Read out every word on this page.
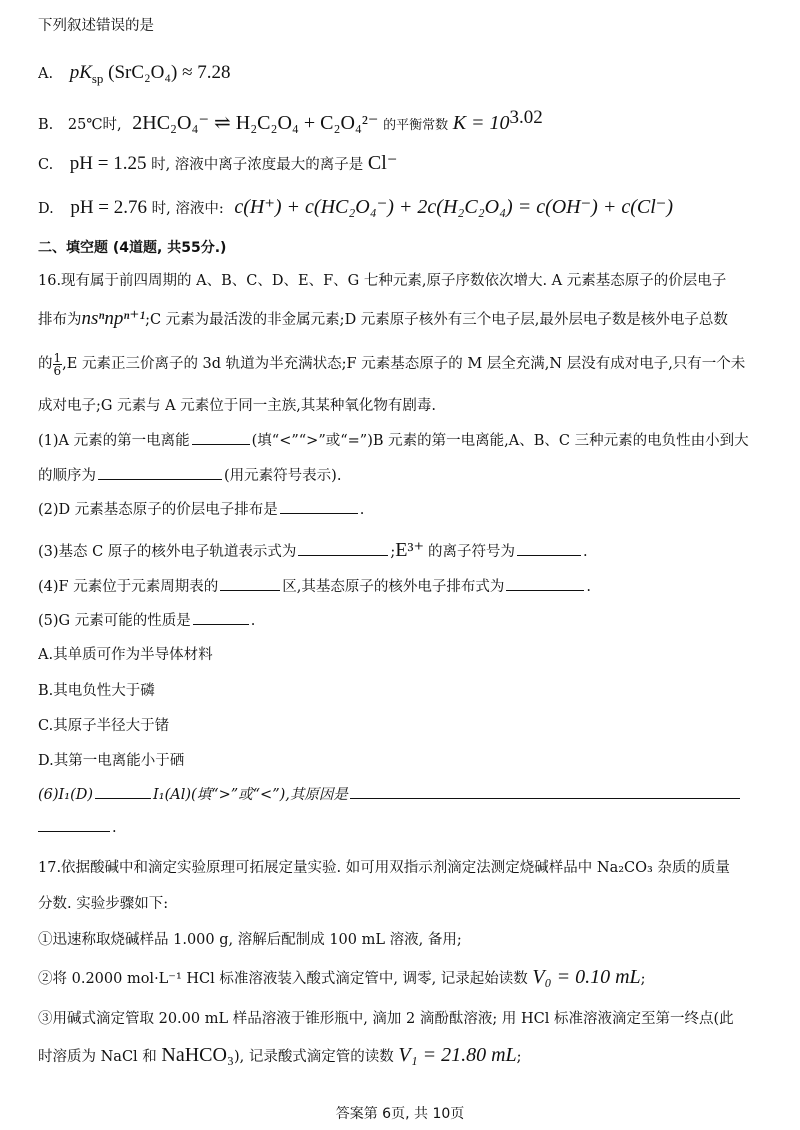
下列叙述错误的是
A. $pK_{sp}$ (SrC₂O₄) ≈ 7.28
B. 25℃时, 2HC₂O₄⁻ ⇌ H₂C₂O₄ + C₂O₄²⁻ 的平衡常数 $K = 10^{3.02}$
C. pH = 1.25 时, 溶液中离子浓度最大的离子是 Cl⁻
D. pH = 2.76 时, 溶液中: c(H⁺) + c(HC₂O₄⁻) + 2c(H₂C₂O₄) = c(OH⁻) + c(Cl⁻)
二、填空题 (4道题, 共55分.)
16.现有属于前四周期的 A、B、C、D、E、F、G 七种元素,原子序数依次增大. A 元素基态原子的价层电子
排布为nsⁿnpⁿ⁺¹;C 元素为最活泼的非金属元素;D 元素原子核外有三个电子层,最外层电子数是核外电子总数
的 $\frac{1}{6} ,E$ 元素正三价离子的 3d 轨道为半充满状态;F 元素基态原子的 M 层全充满,N 层没有成对电子,只有一个未
成对电子;G 元素与 A 元素位于同一主族,其某种氧化物有剧毒.
(1)A 元素的第一电离能	(填“<”“>”或“=”)B 元素的第一电离能,A、B、C 三种元素的电负性由小到大
的顺序为	(用元素符号表示).
(2)D 元素基态原子的价层电子排布是	.
(3)基态 C 原子的核外电子轨道表示式为	;E³⁺ 的离子符号为	.
(4)F 元素位于元素周期表的	区,其基态原子的核外电子排布式为	.
(5)G 元素可能的性质是	.
A.其单质可作为半导体材料
B.其电负性大于磷
C.其原子半径大于锗
D.其第一电离能小于硒
(6)I₁(D)	I₁(Al)(填“>”或“<”),其原因是
.
17.依据酸碱中和滴定实验原理可拓展定量实验. 如可用双指示剂滴定法测定烧碱样品中 Na₂CO₃ 杂质的质量
分数. 实验步骤如下:
①迅速称取烧碱样品 1.000 g, 溶解后配制成 100 mL 溶液, 备用;
②将 0.2000 mol·L⁻¹ HCl 标准溶液装入酸式滴定管中, 调零, 记录起始读数 V₀ = 0.10 mL;
③用碱式滴定管取 20.00 mL 样品溶液于锥形瓶中, 滴加 2 滴酚酞溶液; 用 HCl 标准溶液滴定至第一终点(此
时溶质为 NaCl 和 NaHCO₃), 记录酸式滴定管的读数 V₁ = 21.80 mL;
答案第 6页, 共 10页
